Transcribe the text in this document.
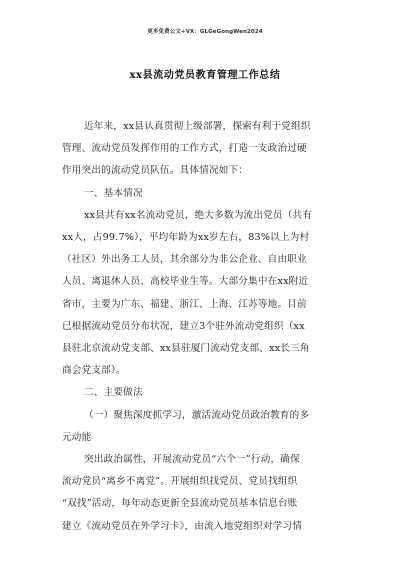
更多免费公文+VX：GLGeGongWen2024
xx县流动党员教育管理工作总结

近年来，xx县认真贯彻上级部署，探索有利于党组织

管理、流动党员发挥作用的工作方式，打造一支政治过硬

作用突出的流动党员队伍。具体情况如下：

一、基本情况

xx县共有xx名流动党员，绝大多数为流出党员（共有

xx人，占99.7%），平均年龄为xx岁左右，83%以上为村

（社区）外出务工人员，其余部分为非公企业、自由职业

人员、离退休人员、高校毕业生等。大部分集中在xx附近

省市，主要为广东、福建、浙江、上海、江苏等地。目前

已根据流动党员分布状况，建立3个驻外流动党组织（xx

县驻北京流动党支部、xx县驻厦门流动党支部、xx长三角

商会党支部）。

二、主要做法

（一）聚焦深度抓学习，激活流动党员政治教育的多

元动能

突出政治属性，开展流动党员“六个一”行动，确保

流动党员“离乡不离党”。开展组织找党员、党员找组织

“双找”活动，每年动态更新全县流动党员基本信息台账

建立《流动党员在外学习卡》，由流入地党组织对学习情
